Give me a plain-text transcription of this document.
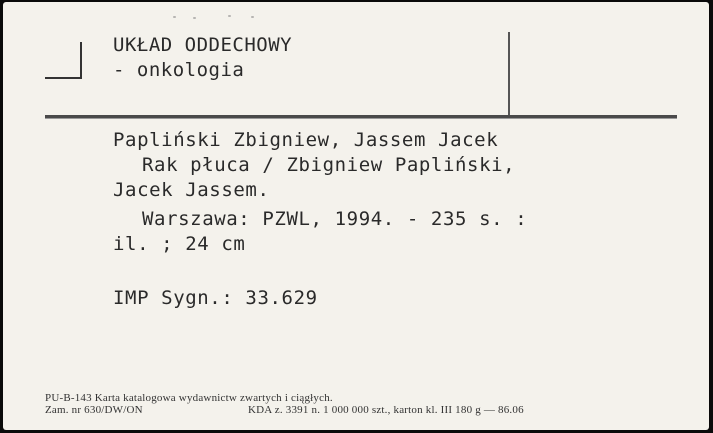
UKŁAD ODDECHOWY
- onkologia
Papliński Zbigniew, Jassem Jacek
Rak płuca / Zbigniew Papliński,
Jacek Jassem.
Warszawa: PZWL, 1994. - 235 s. :
il. ; 24 cm
IMP Sygn.: 33.629
PU-B-143 Karta katalogowa wydawnictw zwartych i ciągłych.
Zam. nr 630/DW/ON	KDA z. 3391 n. 1 000 000 szt., karton kl. III 180 g — 86.06
